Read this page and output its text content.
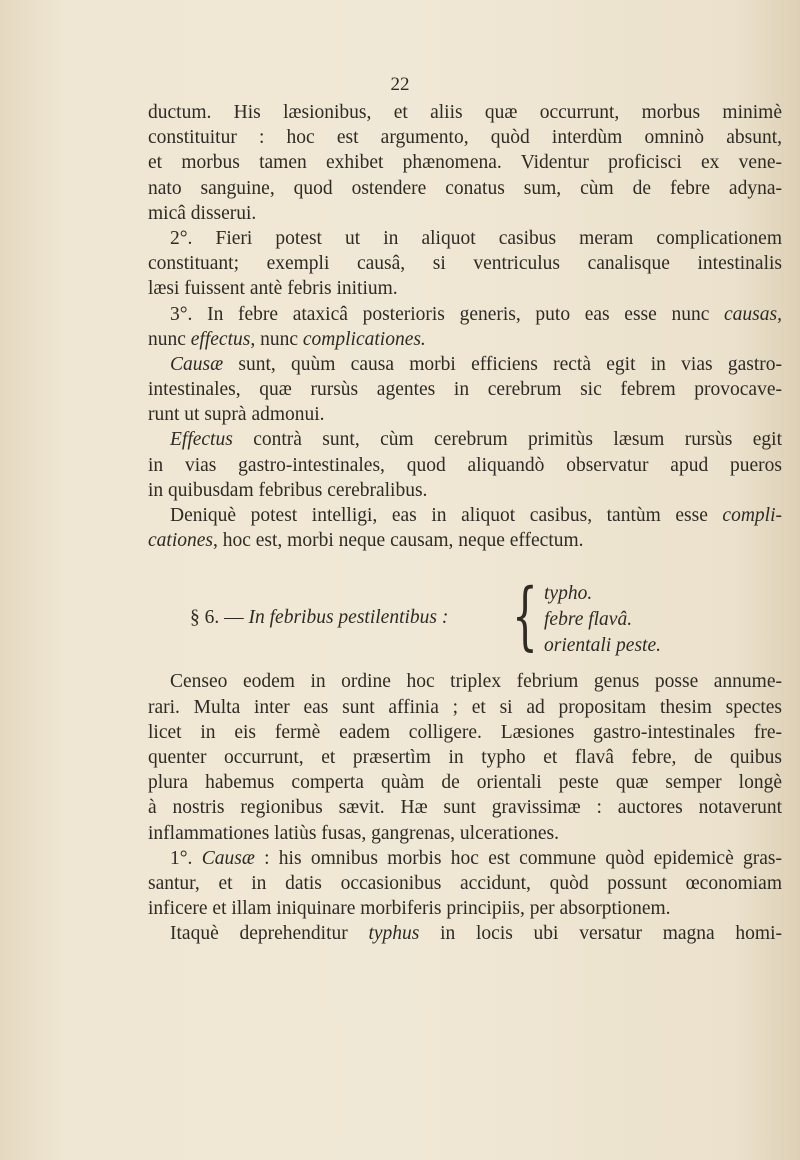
22
ductum. His læsionibus, et aliis quæ occurrunt, morbus minimè
constituitur : hoc est argumento, quòd interdùm omninò absunt,
et morbus tamen exhibet phænomena. Videntur proficisci ex vene-
nato sanguine, quod ostendere conatus sum, cùm de febre adyna-
micâ disserui.
2°. Fieri potest ut in aliquot casibus meram complicationem
constituant; exempli causâ, si ventriculus canalisque intestinalis
læsi fuissent antè febris initium.
3°. In febre ataxicâ posterioris generis, puto eas esse nunc causas,
nunc effectus, nunc complicationes.
Causæ sunt, quùm causa morbi efficiens rectà egit in vias gastro-
intestinales, quæ rursùs agentes in cerebrum sic febrem provocave-
runt ut suprà admonui.
Effectus contrà sunt, cùm cerebrum primitùs læsum rursùs egit
in vias gastro-intestinales, quod aliquandò observatur apud pueros
in quibusdam febribus cerebralibus.
Deniquè potest intelligi, eas in aliquot casibus, tantùm esse compli-
cationes, hoc est, morbi neque causam, neque effectum.
§ 6. — In febribus pestilentibus : { typho.
febre flavâ.
orientali peste.
Censeo eodem in ordine hoc triplex febrium genus posse annume-
rari. Multa inter eas sunt affinia ; et si ad propositam thesim spectes
licet in eis fermè eadem colligere. Læsiones gastro-intestinales fre-
quenter occurrunt, et præsertìm in typho et flavâ febre, de quibus
plura habemus comperta quàm de orientali peste quæ semper longè
à nostris regionibus sævit. Hæ sunt gravissimæ : auctores notaverunt
inflammationes latiùs fusas, gangrenas, ulcerationes.
1°. Causæ : his omnibus morbis hoc est commune quòd epidemicè gras-
santur, et in datis occasionibus accidunt, quòd possunt œconomiam
inficere et illam iniquinare morbiferis principiis, per absorptionem.
Itaquè deprehenditur typhus in locis ubi versatur magna homi-
